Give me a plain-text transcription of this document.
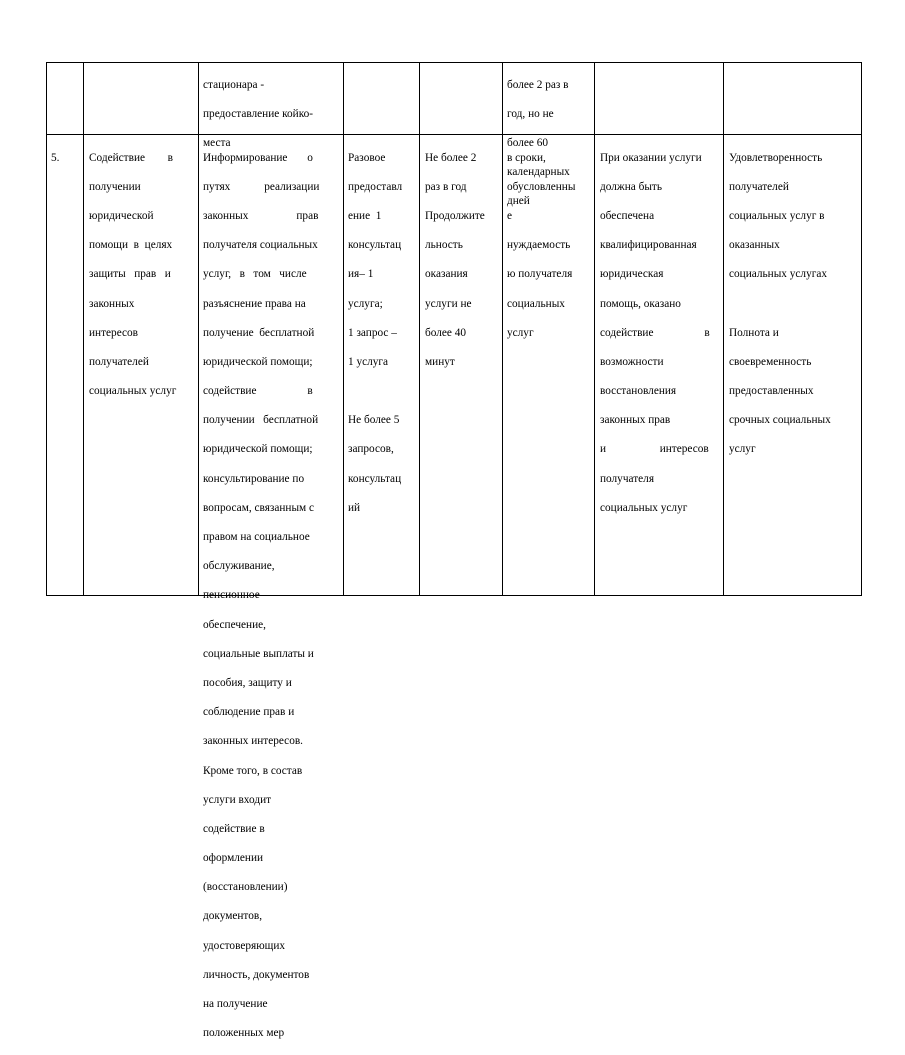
стационара -

предоставление койко-

места

более 2 раз в

год, но не

более 60

календарных

дней

5.	Содействие        в

получении

юридической

помощи  в  целях

защиты   прав   и

законных

интересов

получателей

социальных услуг

Информирование       о

путях            реализации

законных                 прав

получателя социальных

услуг,   в   том   числе

разъяснение права на

получение  бесплатной

юридической помощи;

содействие                  в

получении   бесплатной

юридической помощи;

консультирование по

вопросам, связанным с

правом на социальное

обслуживание,

пенсионное

обеспечение,

социальные выплаты и

пособия, защиту и

соблюдение прав и

законных интересов.

Кроме того, в состав

услуги входит

содействие в

оформлении

(восстановлении)

документов,

удостоверяющих

личность, документов

на получение

положенных мер

Разовое

предоставл

ение  1

консультац

ия– 1

услуга;

1 запрос –

1 услуга

Не более 5

запросов,

консультац

ий

Не более 2

раз в год

Продолжите

льность

оказания

услуги не

более 40

минут

в сроки,

обусловленны

е

нуждаемость

ю получателя

социальных

услуг

При оказании услуги

должна быть

обеспечена

квалифицированная

юридическая

помощь, оказано

содействие                  в

возможности

восстановления

законных прав

и                   интересов

получателя

социальных услуг

Удовлетворенность

получателей

социальных услуг в

оказанных

социальных услугах

Полнота и

своевременность

предоставленных

срочных социальных

услуг
